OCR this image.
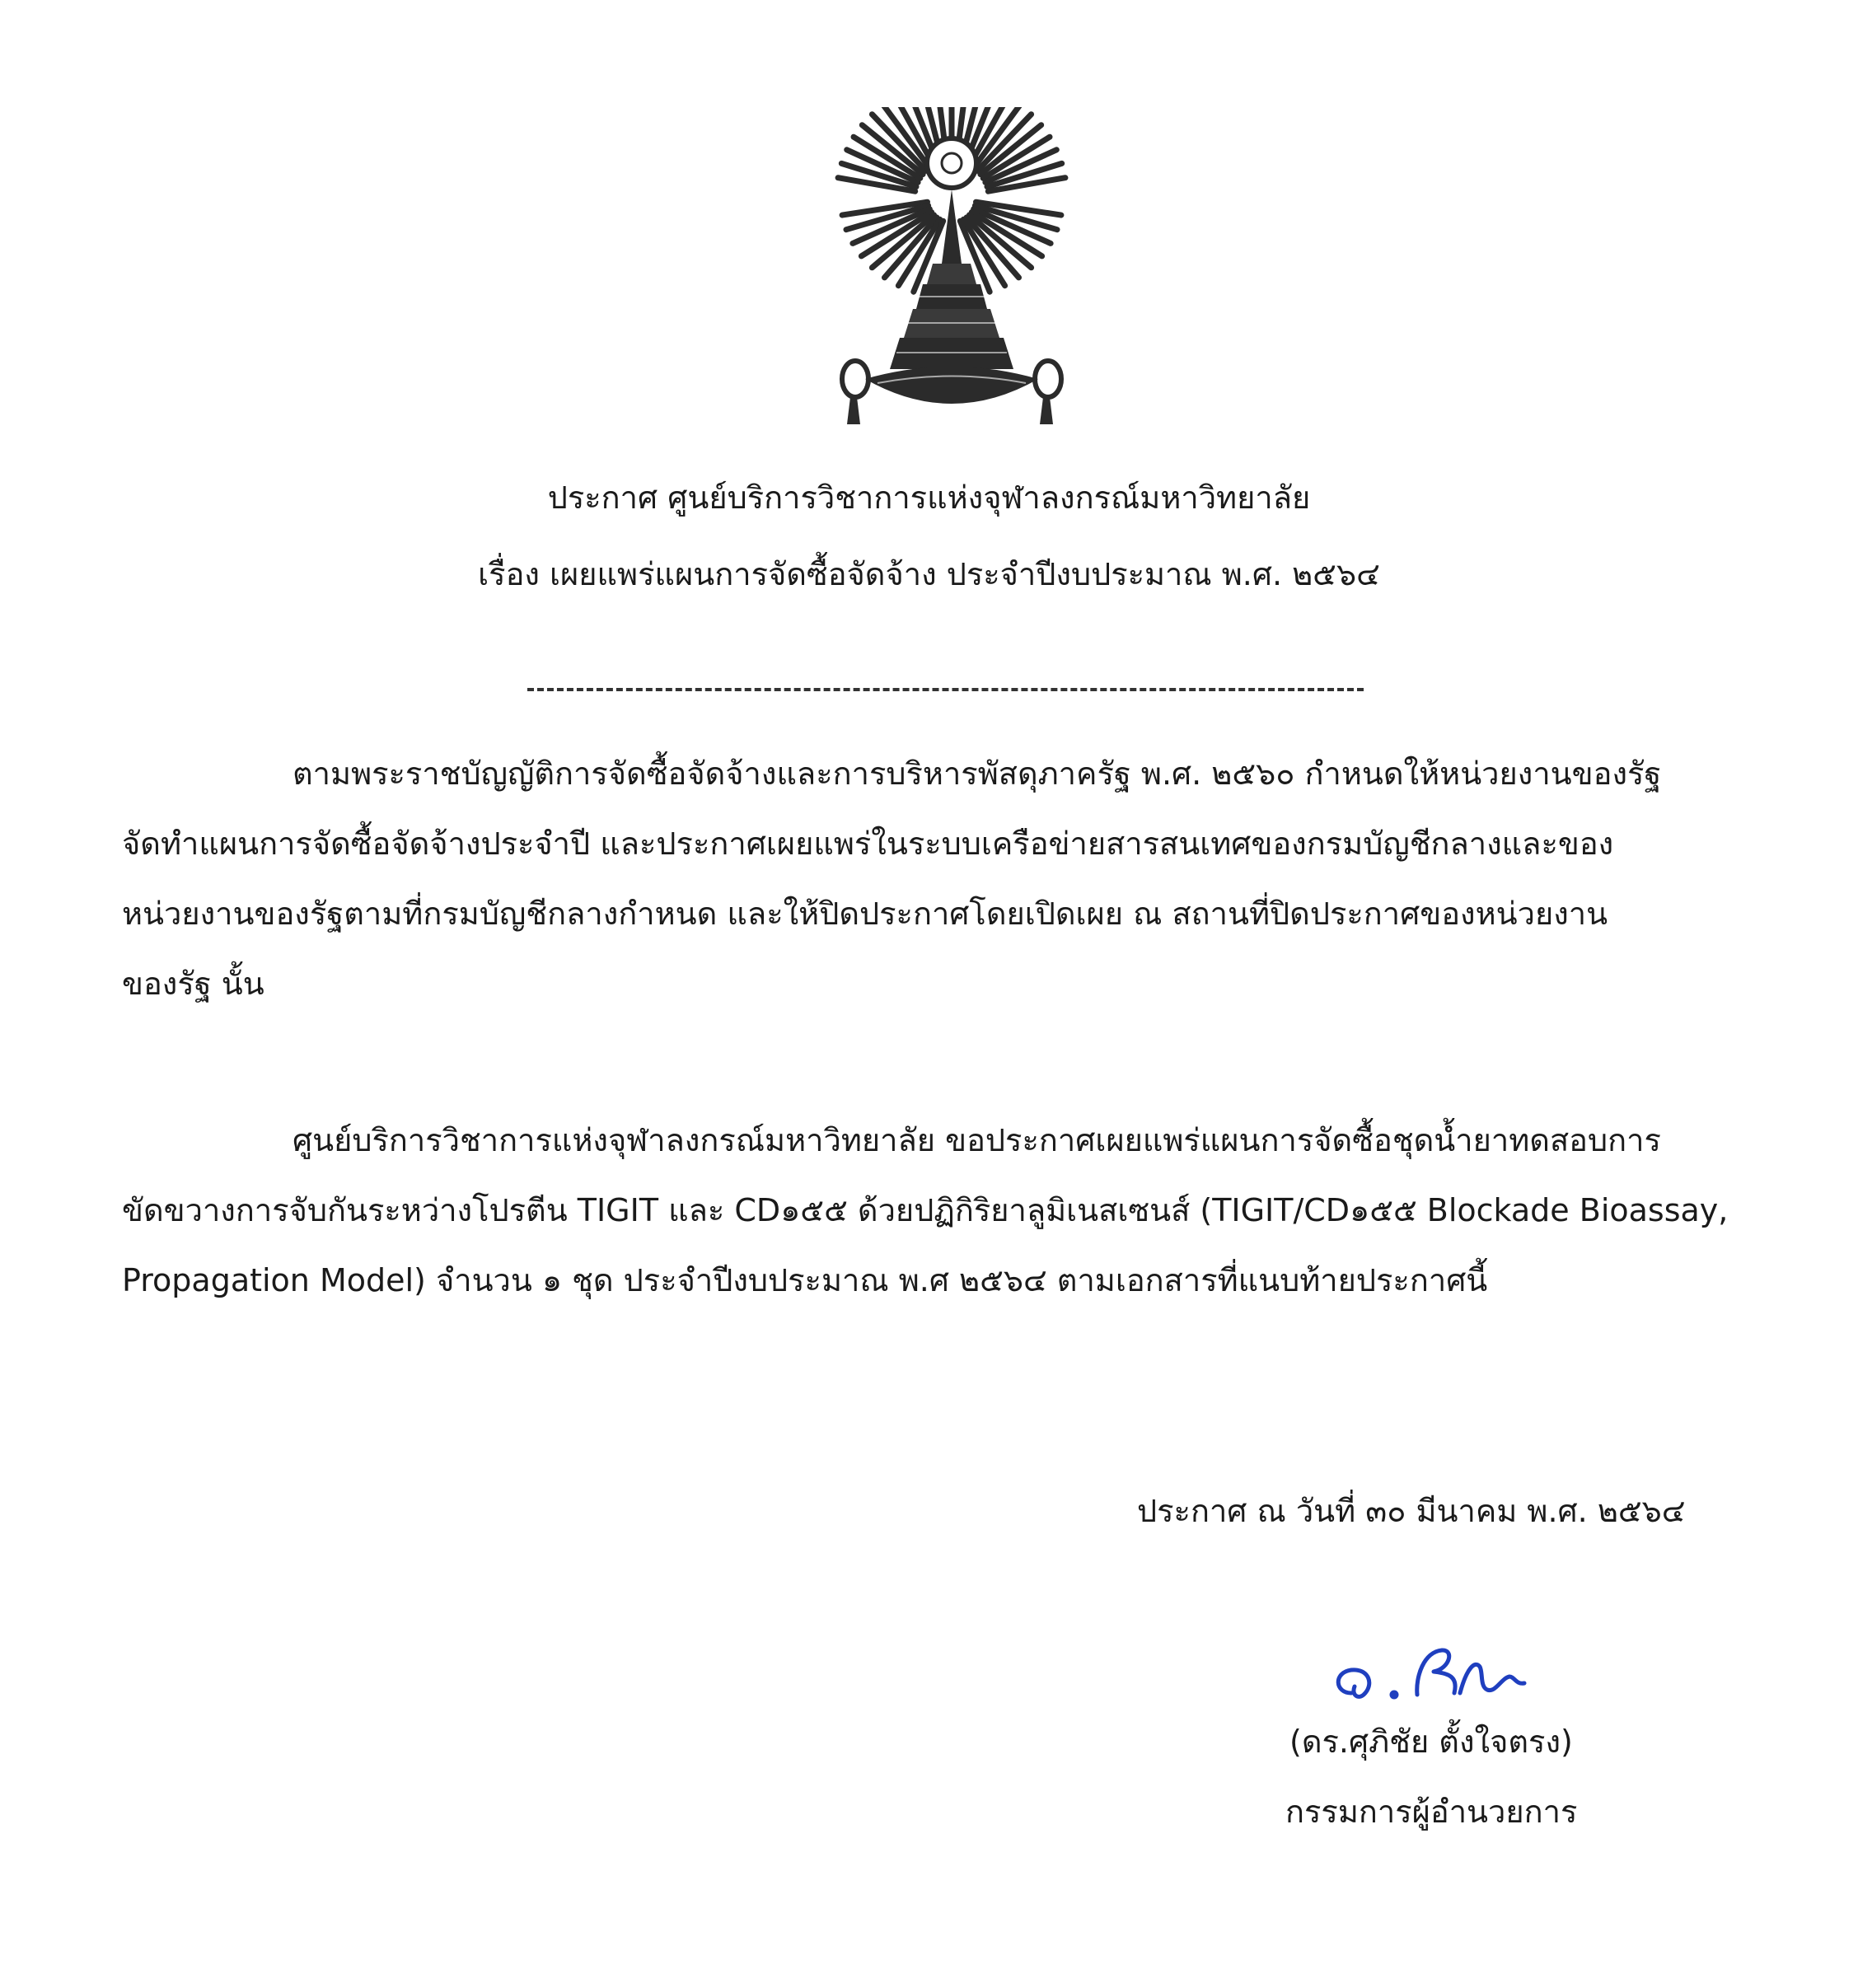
ประกาศ ศูนย์บริการวิชาการแห่งจุฬาลงกรณ์มหาวิทยาลัย
เรื่อง เผยแพร่แผนการจัดซื้อจัดจ้าง ประจำปีงบประมาณ พ.ศ. ๒๕๖๔
ตามพระราชบัญญัติการจัดซื้อจัดจ้างและการบริหารพัสดุภาครัฐ พ.ศ. ๒๕๖๐ กำหนดให้หน่วยงานของรัฐ
จัดทำแผนการจัดซื้อจัดจ้างประจำปี และประกาศเผยแพร่ในระบบเครือข่ายสารสนเทศของกรมบัญชีกลางและของ
หน่วยงานของรัฐตามที่กรมบัญชีกลางกำหนด และให้ปิดประกาศโดยเปิดเผย ณ สถานที่ปิดประกาศของหน่วยงาน
ของรัฐ นั้น
ศูนย์บริการวิชาการแห่งจุฬาลงกรณ์มหาวิทยาลัย ขอประกาศเผยแพร่แผนการจัดซื้อชุดน้ำยาทดสอบการ
ขัดขวางการจับกันระหว่างโปรตีน TIGIT และ CD๑๕๕ ด้วยปฏิกิริยาลูมิเนสเซนส์ (TIGIT/CD๑๕๕ Blockade Bioassay,
Propagation Model) จำนวน ๑ ชุด ประจำปีงบประมาณ พ.ศ ๒๕๖๔ ตามเอกสารที่แนบท้ายประกาศนี้
ประกาศ ณ วันที่ ๓๐ มีนาคม พ.ศ. ๒๕๖๔
(ดร.ศุภิชัย ตั้งใจตรง)
กรรมการผู้อำนวยการ
